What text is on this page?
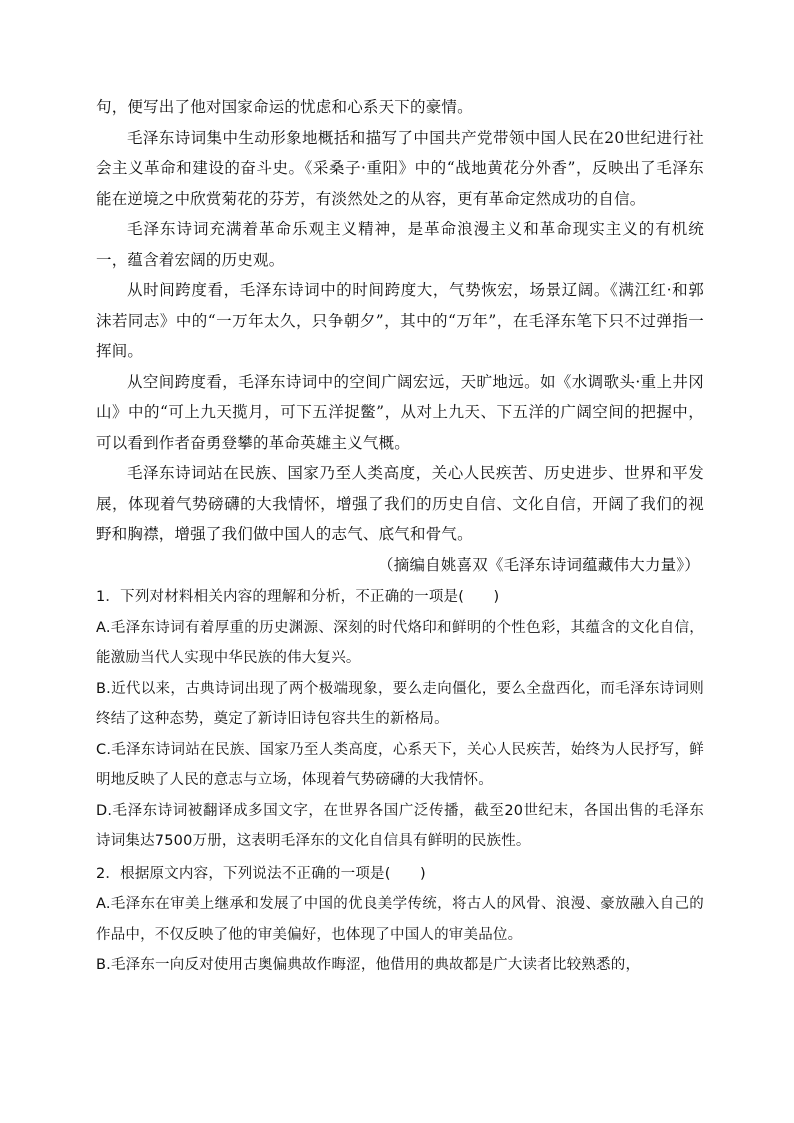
句，便写出了他对国家命运的忧虑和心系天下的豪情。

毛泽东诗词集中生动形象地概括和描写了中国共产党带领中国人民在20世纪进行社会主义革命和建设的奋斗史。《采桑子·重阳》中的“战地黄花分外香”，反映出了毛泽东能在逆境之中欣赏菊花的芬芳，有淡然处之的从容，更有革命定然成功的自信。

毛泽东诗词充满着革命乐观主义精神，是革命浪漫主义和革命现实主义的有机统一，蕴含着宏阔的历史观。

从时间跨度看，毛泽东诗词中的时间跨度大，气势恢宏，场景辽阔。《满江红·和郭沫若同志》中的“一万年太久，只争朝夕”，其中的“万年”，在毛泽东笔下只不过弹指一挥间。

从空间跨度看，毛泽东诗词中的空间广阔宏远，天旷地远。如《水调歌头·重上井冈山》中的“可上九天揽月，可下五洋捉鳖”，从对上九天、下五洋的广阔空间的把握中，可以看到作者奋勇登攀的革命英雄主义气概。

毛泽东诗词站在民族、国家乃至人类高度，关心人民疾苦、历史进步、世界和平发展，体现着气势磅礴的大我情怀，增强了我们的历史自信、文化自信，开阔了我们的视野和胸襟，增强了我们做中国人的志气、底气和骨气。

（摘编自姚喜双《毛泽东诗词蕴藏伟大力量》）

1．下列对材料相关内容的理解和分析，不正确的一项是(　　)

A.毛泽东诗词有着厚重的历史渊源、深刻的时代烙印和鲜明的个性色彩，其蕴含的文化自信，能激励当代人实现中华民族的伟大复兴。

B.近代以来，古典诗词出现了两个极端现象，要么走向僵化，要么全盘西化，而毛泽东诗词则终结了这种态势，奠定了新诗旧诗包容共生的新格局。

C.毛泽东诗词站在民族、国家乃至人类高度，心系天下，关心人民疾苦，始终为人民抒写，鲜明地反映了人民的意志与立场，体现着气势磅礴的大我情怀。

D.毛泽东诗词被翻译成多国文字，在世界各国广泛传播，截至20世纪末，各国出售的毛泽东诗词集达7500万册，这表明毛泽东的文化自信具有鲜明的民族性。

2．根据原文内容，下列说法不正确的一项是(　　)

A.毛泽东在审美上继承和发展了中国的优良美学传统，将古人的风骨、浪漫、豪放融入自己的作品中，不仅反映了他的审美偏好，也体现了中国人的审美品位。

B.毛泽东一向反对使用古奥偏典故作晦涩，他借用的典故都是广大读者比较熟悉的，
